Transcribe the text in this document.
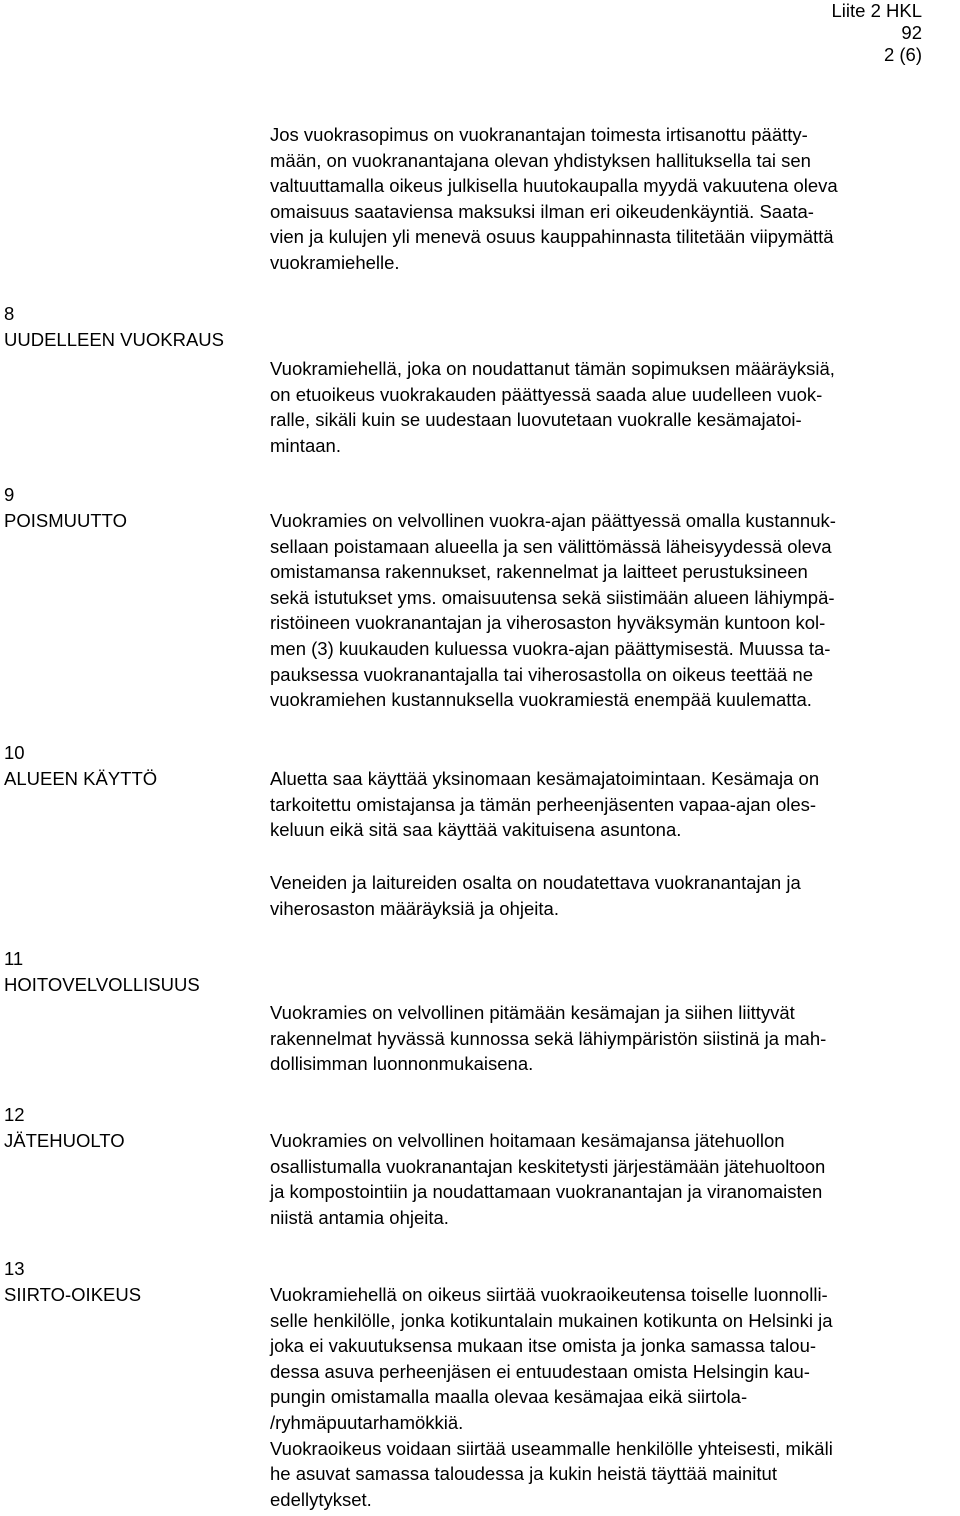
Liite 2 HKL
92
2 (6)
Jos vuokrasopimus on vuokranantajan toimesta irtisanottu päätty-
mään, on vuokranantajana olevan yhdistyksen hallituksella tai sen
valtuuttamalla oikeus julkisella huutokaupalla myydä vakuutena oleva
omaisuus saataviensa maksuksi ilman eri oikeudenkäyntiä. Saata-
vien ja kulujen yli menevä osuus kauppahinnasta tilitetään viipymättä
vuokramiehelle.
8
UUDELLEEN VUOKRAUS
Vuokramiehellä, joka on noudattanut tämän sopimuksen määräyksiä,
on etuoikeus vuokrakauden päättyessä saada alue uudelleen vuok-
ralle, sikäli kuin se uudestaan luovutetaan vuokralle kesämajatoi-
mintaan.
9
POISMUUTTO	Vuokramies on velvollinen vuokra-ajan päättyessä omalla kustannuk-
sellaan poistamaan alueella ja sen välittömässä läheisyydessä oleva
omistamansa rakennukset, rakennelmat ja laitteet perustuksineen
sekä istutukset yms. omaisuutensa sekä siistimään alueen lähiympä-
ristöineen vuokranantajan ja viherosaston hyväksymän kuntoon kol-
men (3) kuukauden kuluessa vuokra-ajan päättymisestä. Muussa ta-
pauksessa vuokranantajalla tai viherosastolla on oikeus teettää ne
vuokramiehen kustannuksella vuokramiestä enempää kuulematta.
10
ALUEEN KÄYTTÖ	Aluetta saa käyttää yksinomaan kesämajatoimintaan. Kesämaja on
tarkoitettu omistajansa ja tämän perheenjäsenten vapaa-ajan oles-
keluun eikä sitä saa käyttää vakituisena asuntona.
Veneiden ja laitureiden osalta on noudatettava vuokranantajan ja
viherosaston määräyksiä ja ohjeita.
11
HOITOVELVOLLISUUS
Vuokramies on velvollinen pitämään kesämajan ja siihen liittyvät
rakennelmat hyvässä kunnossa sekä lähiympäristön siistinä ja mah-
dollisimman luonnonmukaisena.
12
JÄTEHUOLTO	Vuokramies on velvollinen hoitamaan kesämajansa jätehuollon
osallistumalla vuokranantajan keskitetysti järjestämään jätehuoltoon
ja kompostointiin ja noudattamaan vuokranantajan ja viranomaisten
niistä antamia ohjeita.
13
SIIRTO-OIKEUS	Vuokramiehellä on oikeus siirtää vuokraoikeutensa toiselle luonnolli-
selle henkilölle, jonka kotikuntalain mukainen kotikunta on Helsinki ja
joka ei vakuutuksensa mukaan itse omista ja jonka samassa talou-
dessa asuva perheenjäsen ei entuudestaan omista Helsingin kau-
pungin omistamalla maalla olevaa kesämajaa eikä siirtola-
/ryhmäpuutarhamökkiä.
Vuokraoikeus voidaan siirtää useammalle henkilölle yhteisesti, mikäli
he asuvat samassa taloudessa ja kukin heistä täyttää mainitut
edellytykset.
